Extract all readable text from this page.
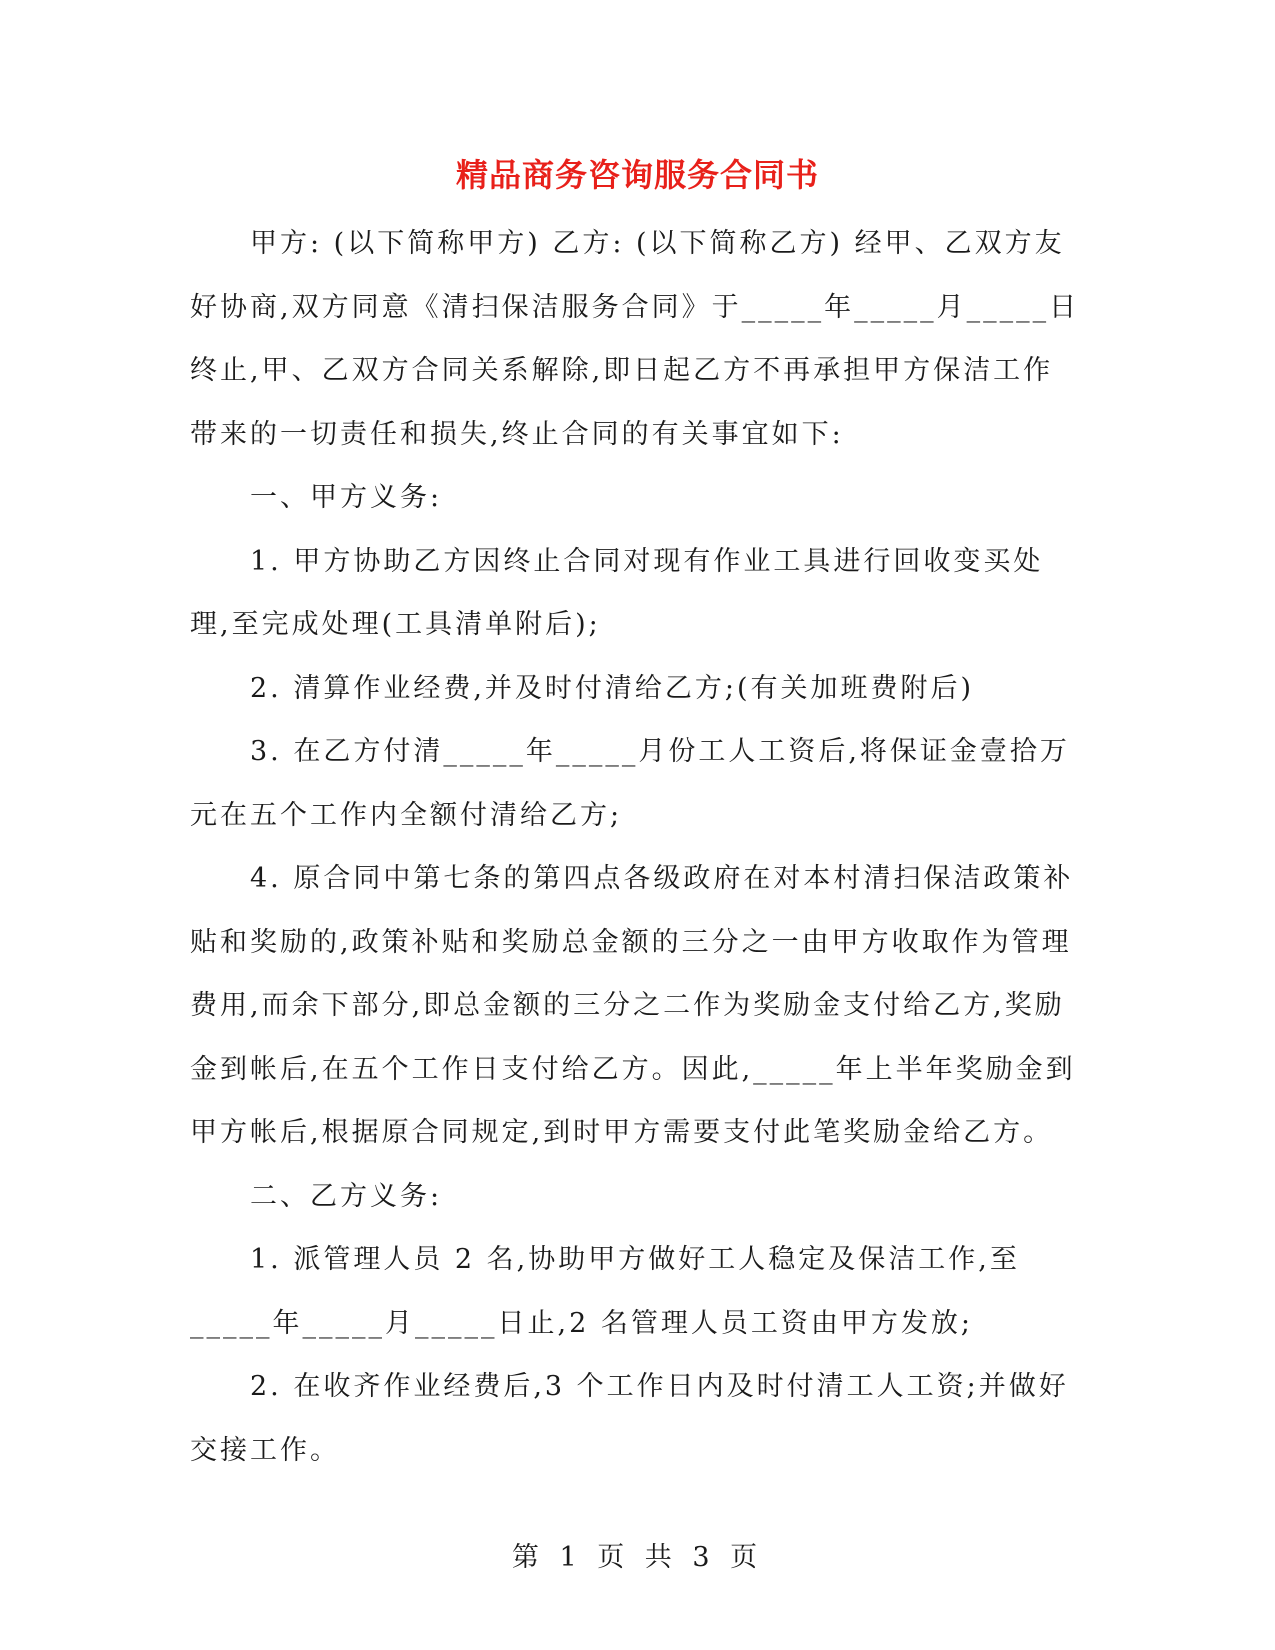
精品商务咨询服务合同书

甲方: (以下简称甲方) 乙方: (以下简称乙方) 经甲、乙双方友好协商,双方同意《清扫保洁服务合同》于_____年_____月_____日终止,甲、乙双方合同关系解除,即日起乙方不再承担甲方保洁工作带来的一切责任和损失,终止合同的有关事宜如下:

一、甲方义务:

1. 甲方协助乙方因终止合同对现有作业工具进行回收变买处理,至完成处理(工具清单附后);

2. 清算作业经费,并及时付清给乙方;(有关加班费附后)

3. 在乙方付清_____年_____月份工人工资后,将保证金壹拾万元在五个工作内全额付清给乙方;

4. 原合同中第七条的第四点各级政府在对本村清扫保洁政策补贴和奖励的,政策补贴和奖励总金额的三分之一由甲方收取作为管理费用,而余下部分,即总金额的三分之二作为奖励金支付给乙方,奖励金到帐后,在五个工作日支付给乙方。因此,_____年上半年奖励金到甲方帐后,根据原合同规定,到时甲方需要支付此笔奖励金给乙方。

二、乙方义务:

1. 派管理人员 2 名,协助甲方做好工人稳定及保洁工作,至_____年_____月_____日止,2 名管理人员工资由甲方发放;

2. 在收齐作业经费后,3 个工作日内及时付清工人工资;并做好交接工作。

第 1 页 共 3 页
